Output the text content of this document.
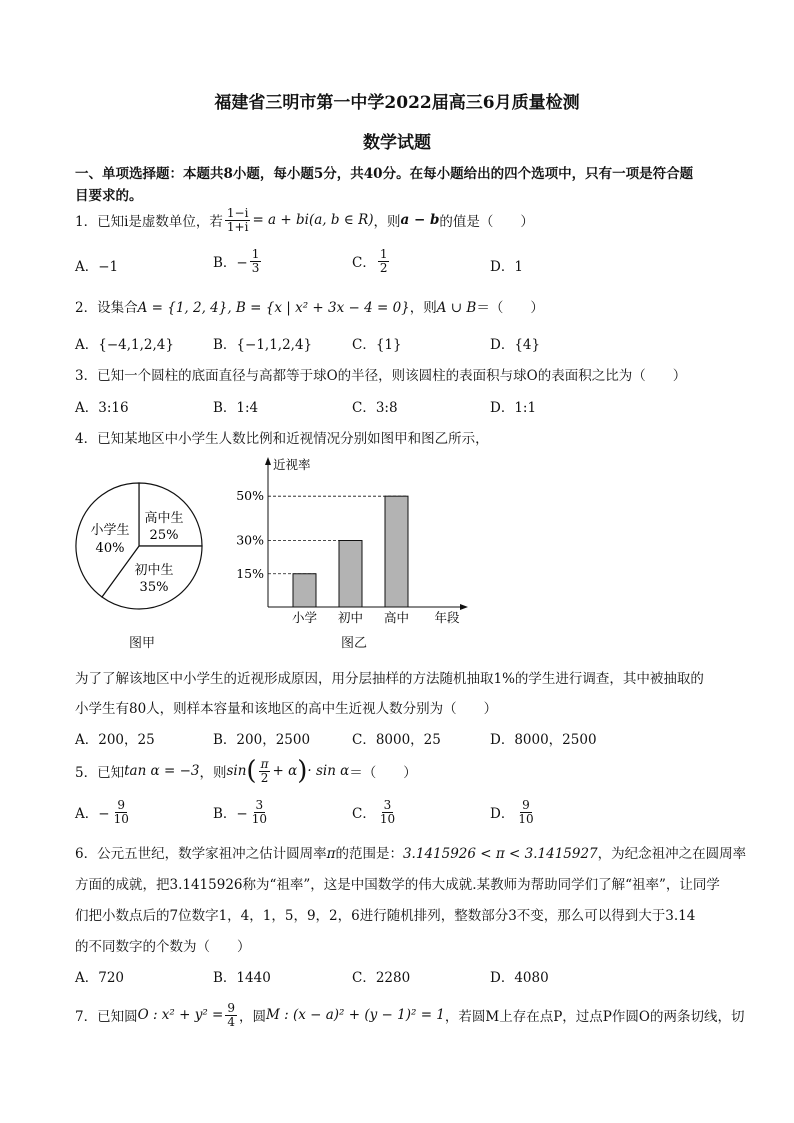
福建省三明市第一中学2022届高三6月质量检测
数学试题
一、单项选择题：本题共8小题，每小题5分，共40分。在每小题给出的四个选项中，只有一项是符合题
目要求的。
1．已知i是虚数单位，若 $\frac{1-i}{1+i} = a + bi(a$, b ∈ R) ，则 a − b 的值是（　　）
A．−1	B．− $\frac{1}{3}$	C． $\frac{1}{2}$	D．1
2．设集合A = {1, 2, 4}, B = {x | x² + 3x − 4 = 0}，则A ∪ B＝（　　）
A．{−4,1,2,4}	B．{−1,1,2,4}	C．{1}	D．{4}
3．已知一个圆柱的底面直径与高都等于球O的半径，则该圆柱的表面积与球O的表面积之比为（　　）
A．3:16	B．1:4	C．3:8	D．1:1
4．已知某地区中小学生人数比例和近视情况分别如图甲和图乙所示，
小学生
40%
高中生
25%
初中生
35%
图甲
近视率
15%
30%
50%
小学 初中 高中 年段
图乙
为了了解该地区中小学生的近视形成原因，用分层抽样的方法随机抽取1%的学生进行调查，其中被抽取的
小学生有80人，则样本容量和该地区的高中生近视人数分别为（　　）
A．200，25	B．200，2500	C．8000，25	D．8000，2500
5．已知 tan α = −3 ，则 sin ( $\frac{\pi}{2} + \alpha$ ) · sin α ＝（　　）
A．− $\frac{9}{10}$	B．− $\frac{3}{10}$	C． $\frac{3}{10}$	D． $\frac{9}{10}$
6．公元五世纪，数学家祖冲之估计圆周率π的范围是：3.1415926 < π < 3.1415927，为纪念祖冲之在圆周率
方面的成就，把3.1415926称为“祖率”，这是中国数学的伟大成就.某教师为帮助同学们了解“祖率”，让同学
们把小数点后的7位数字1，4，1，5，9，2，6进行随机排列，整数部分3不变，那么可以得到大于3.14
的不同数字的个数为（　　）
A．720	B．1440	C．2280	D．4080
7．已知圆 O : $x^2 + y^2 = \frac{9}{4}$ ，圆 M : (x − a)² + (y − 1)² = 1 ，若圆M上存在点P，过点P作圆O的两条切线，切
